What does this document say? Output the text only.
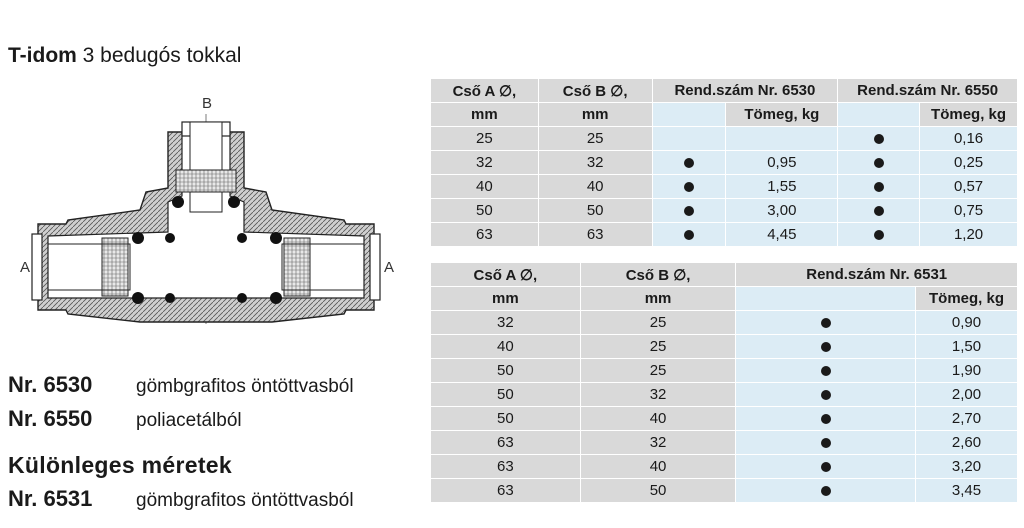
T-idom 3 bedugós tokkal
B
A	A
Nr. 6530 gömbgrafitos öntöttvasból
Nr. 6550 poliacetálból
Különleges méretek
Nr. 6531 gömbgrafitos öntöttvasból
Cső A ∅,	Cső B ∅,	Rend.szám Nr. 6530		Rend.szám Nr. 6550	
mm	mm		Tömeg, kg		Tömeg, kg
25	25				0,16
32	32		0,95		0,25
40	40		1,55		0,57
50	50		3,00		0,75
63	63		4,45		1,20
Cső A ∅,	Cső B ∅,	Rend.szám Nr. 6531	
mm	mm		Tömeg, kg
32	25		0,90
40	25		1,50
50	25		1,90
50	32		2,00
50	40		2,70
63	32		2,60
63	40		3,20
63	50		3,45
